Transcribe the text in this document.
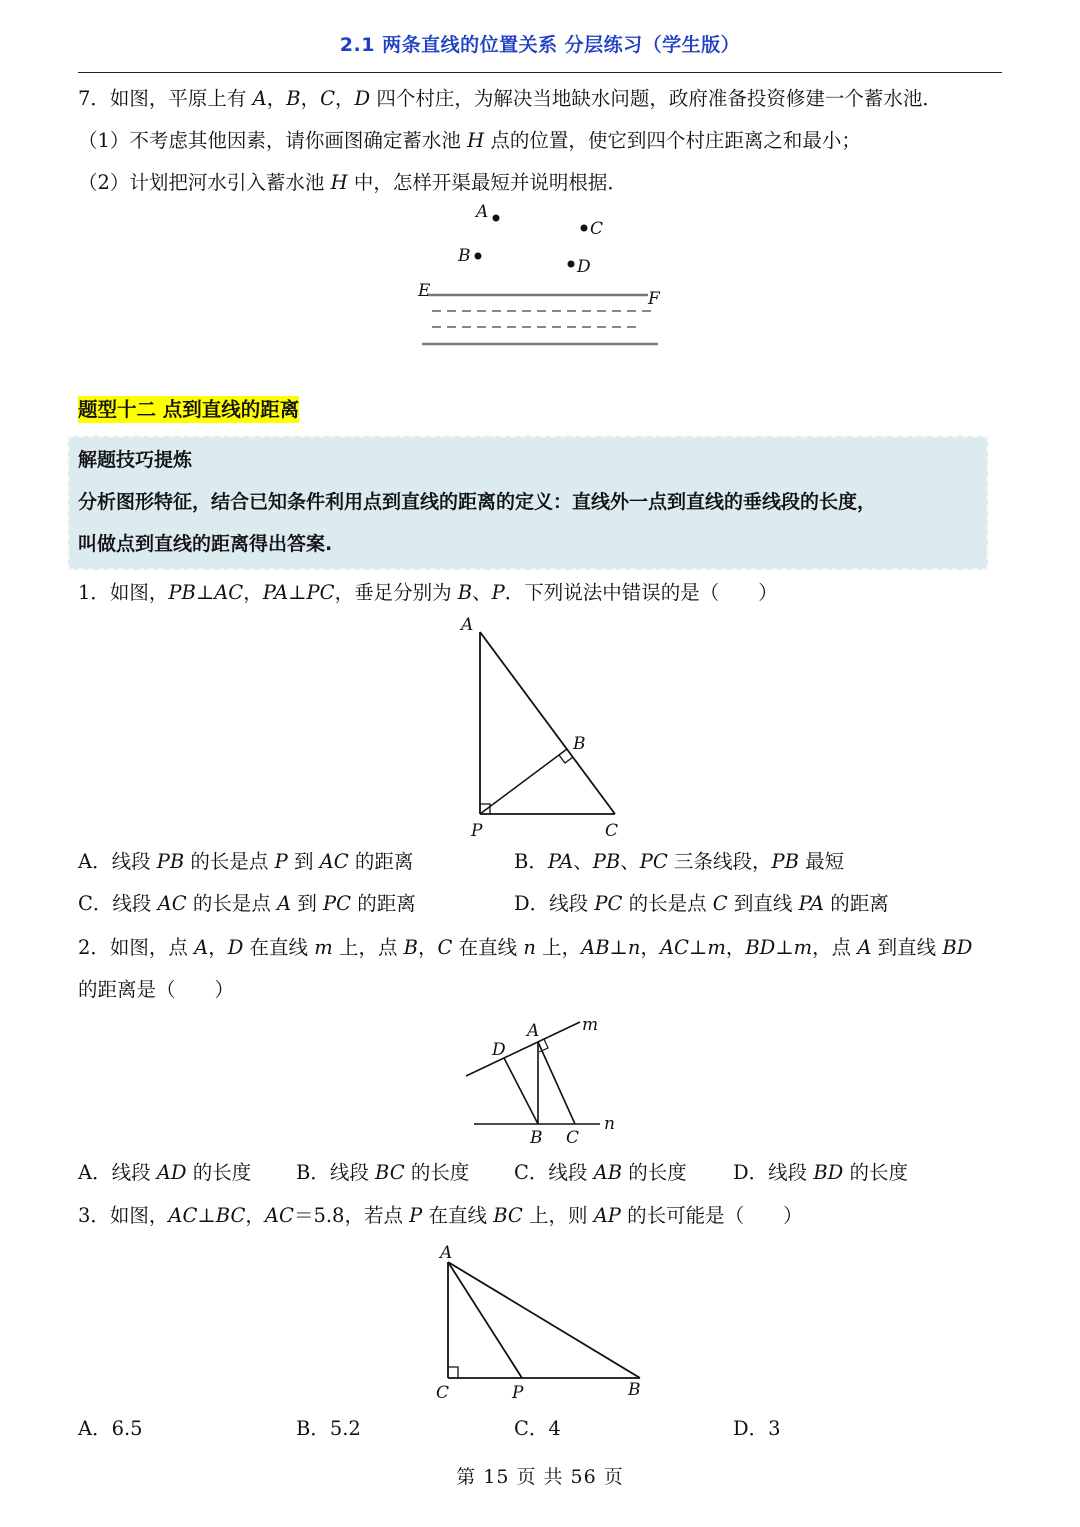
2.1 两条直线的位置关系 分层练习（学生版）
7．如图，平原上有 A，B，C，D 四个村庄，为解决当地缺水问题，政府准备投资修建一个蓄水池．
（1）不考虑其他因素，请你画图确定蓄水池 H 点的位置，使它到四个村庄距离之和最小；
（2）计划把河水引入蓄水池 H 中，怎样开渠最短并说明根据．
A
B
C
D
E	F
题型十二 点到直线的距离
解题技巧提炼
分析图形特征，结合已知条件利用点到直线的距离的定义：直线外一点到直线的垂线段的长度，
叫做点到直线的距离得出答案.
1．如图，PB⊥AC，PA⊥PC，垂足分别为 B、P．下列说法中错误的是（　　）
A
B
P	C
A．线段 PB 的长是点 P 到 AC 的距离	B．PA、PB、PC 三条线段，PB 最短
C．线段 AC 的长是点 A 到 PC 的距离	D．线段 PC 的长是点 C 到直线 PA 的距离
2．如图，点 A，D 在直线 m 上，点 B，C 在直线 n 上，AB⊥n，AC⊥m，BD⊥m，点 A 到直线 BD
的距离是（　　）
A
D
m
B C
n
A．线段 AD 的长度 B．线段 BC 的长度 C．线段 AB 的长度 D．线段 BD 的长度
3．如图，AC⊥BC，AC＝5.8，若点 P 在直线 BC 上，则 AP 的长可能是（　　）
A
C	P	B
A．6.5	B．5.2	C．4	D．3
第 15 页 共 56 页
